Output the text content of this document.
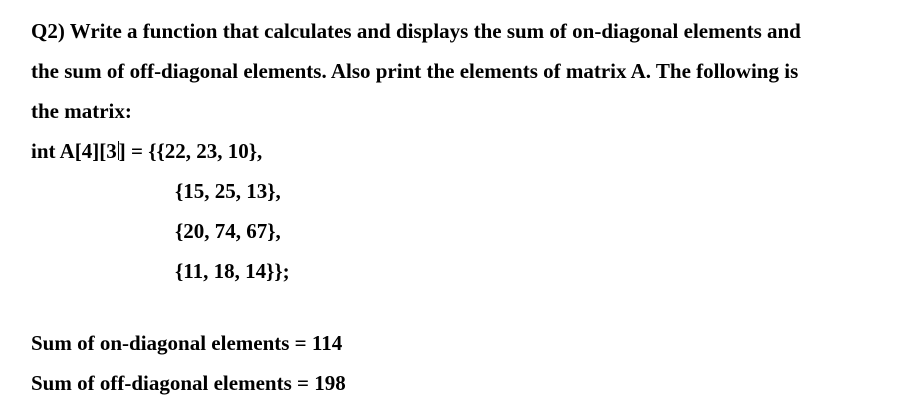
Q2) Write a function that calculates and displays the sum of on-diagonal elements and
the sum of off-diagonal elements. Also print the elements of matrix A. The following is
the matrix:
int A[4][3] = {{22, 23, 10},
{15, 25, 13},
{20, 74, 67},
{11, 18, 14}};
Sum of on-diagonal elements = 114
Sum of off-diagonal elements = 198
